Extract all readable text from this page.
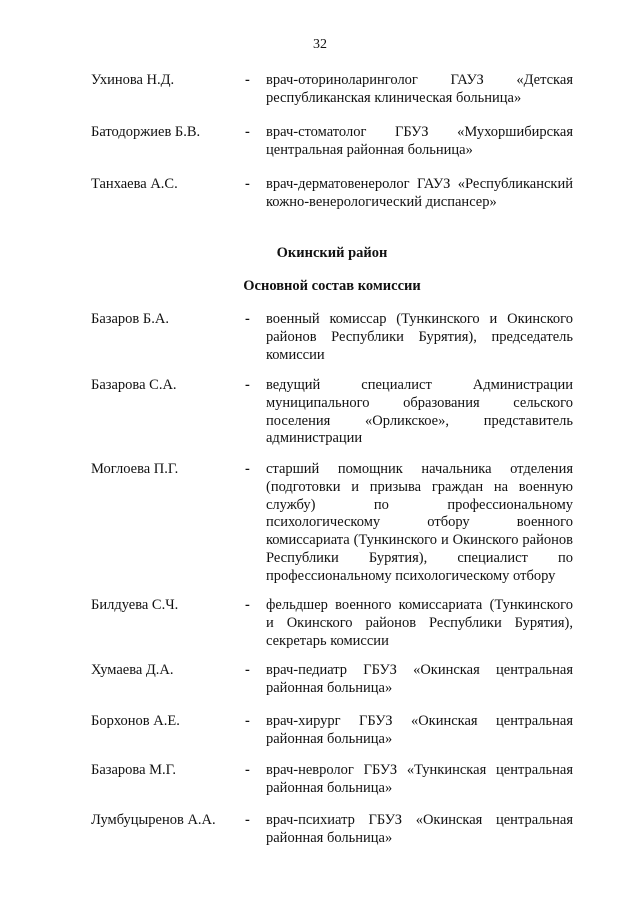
32
Ухинова Н.Д.	- врач-оториноларинголог ГАУЗ «Детская республиканская клиническая больница»
Батодоржиев Б.В.	- врач-стоматолог ГБУЗ «Мухоршибирская центральная районная больница»
Танхаева А.С.	- врач-дерматовенеролог ГАУЗ «Республиканский кожно-венерологический диспансер»
Окинский район
Основной состав комиссии
Базаров Б.А.	- военный комиссар (Тункинского и Окинского районов Республики Бурятия), председатель комиссии
Базарова С.А.	- ведущий специалист Администрации муниципального образования сельского поселения «Орликское», представитель администрации
Моглоева П.Г.	- старший помощник начальника отделения (подготовки и призыва граждан на военную службу) по профессиональному психологическому отбору военного комиссариата (Тункинского и Окинского районов Республики Бурятия), специалист по профессиональному психологическому отбору
Билдуева С.Ч.	- фельдшер военного комиссариата (Тункинского и Окинского районов Республики Бурятия), секретарь комиссии
Хумаева Д.А.	- врач-педиатр ГБУЗ «Окинская центральная районная больница»
Борхонов А.Е.	- врач-хирург ГБУЗ «Окинская центральная районная больница»
Базарова М.Г.	- врач-невролог ГБУЗ «Тункинская центральная районная больница»
Лумбуцыренов А.А. - врач-психиатр ГБУЗ «Окинская центральная районная больница»
